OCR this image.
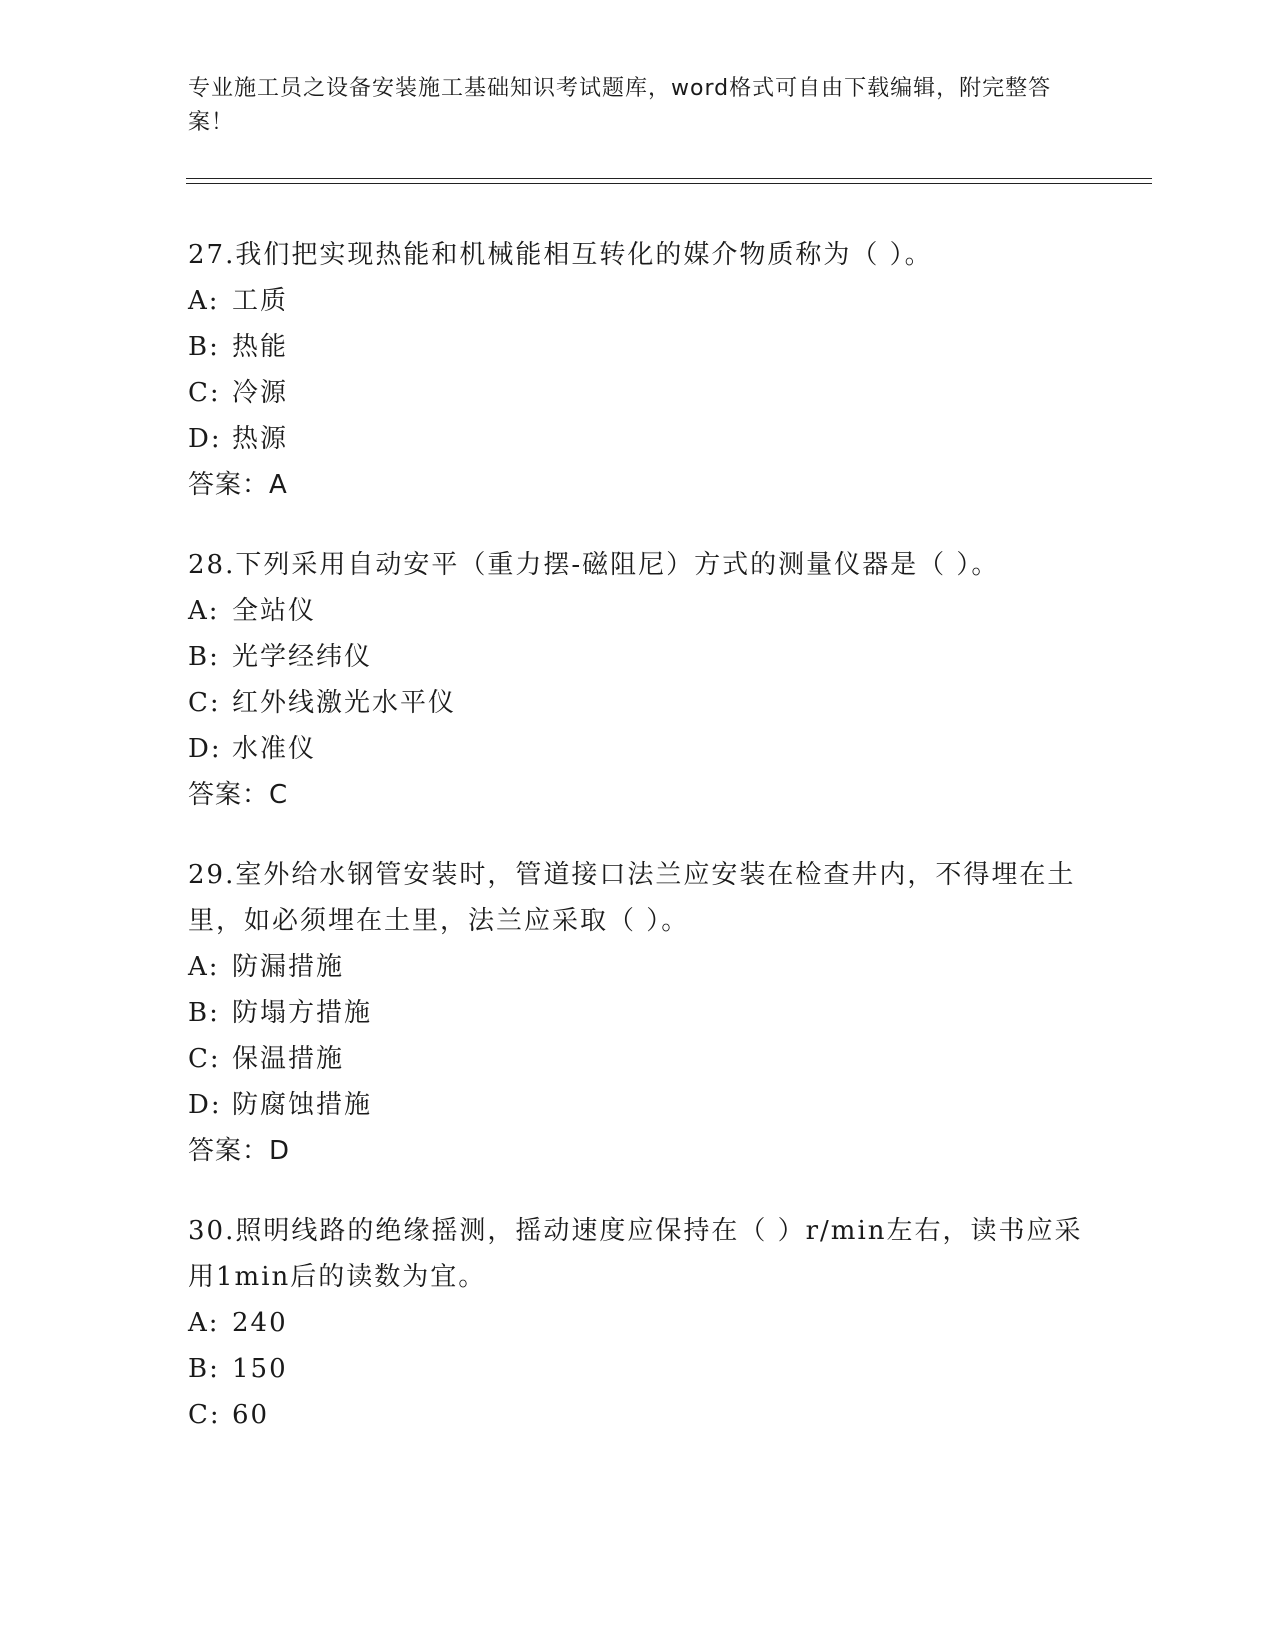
专业施工员之设备安装施工基础知识考试题库，word格式可自由下载编辑，附完整答案！
27.我们把实现热能和机械能相互转化的媒介物质称为（ ）。
A: 工质
B: 热能
C: 冷源
D: 热源
答案：A
28.下列采用自动安平（重力摆-磁阻尼）方式的测量仪器是（ ）。
A: 全站仪
B: 光学经纬仪
C: 红外线激光水平仪
D: 水准仪
答案：C
29.室外给水钢管安装时，管道接口法兰应安装在检查井内，不得埋在土里，如必须埋在土里，法兰应采取（ ）。
A: 防漏措施
B: 防塌方措施
C: 保温措施
D: 防腐蚀措施
答案：D
30.照明线路的绝缘摇测，摇动速度应保持在（ ）r/min左右，读书应采用1min后的读数为宜。
A: 240
B: 150
C: 60
